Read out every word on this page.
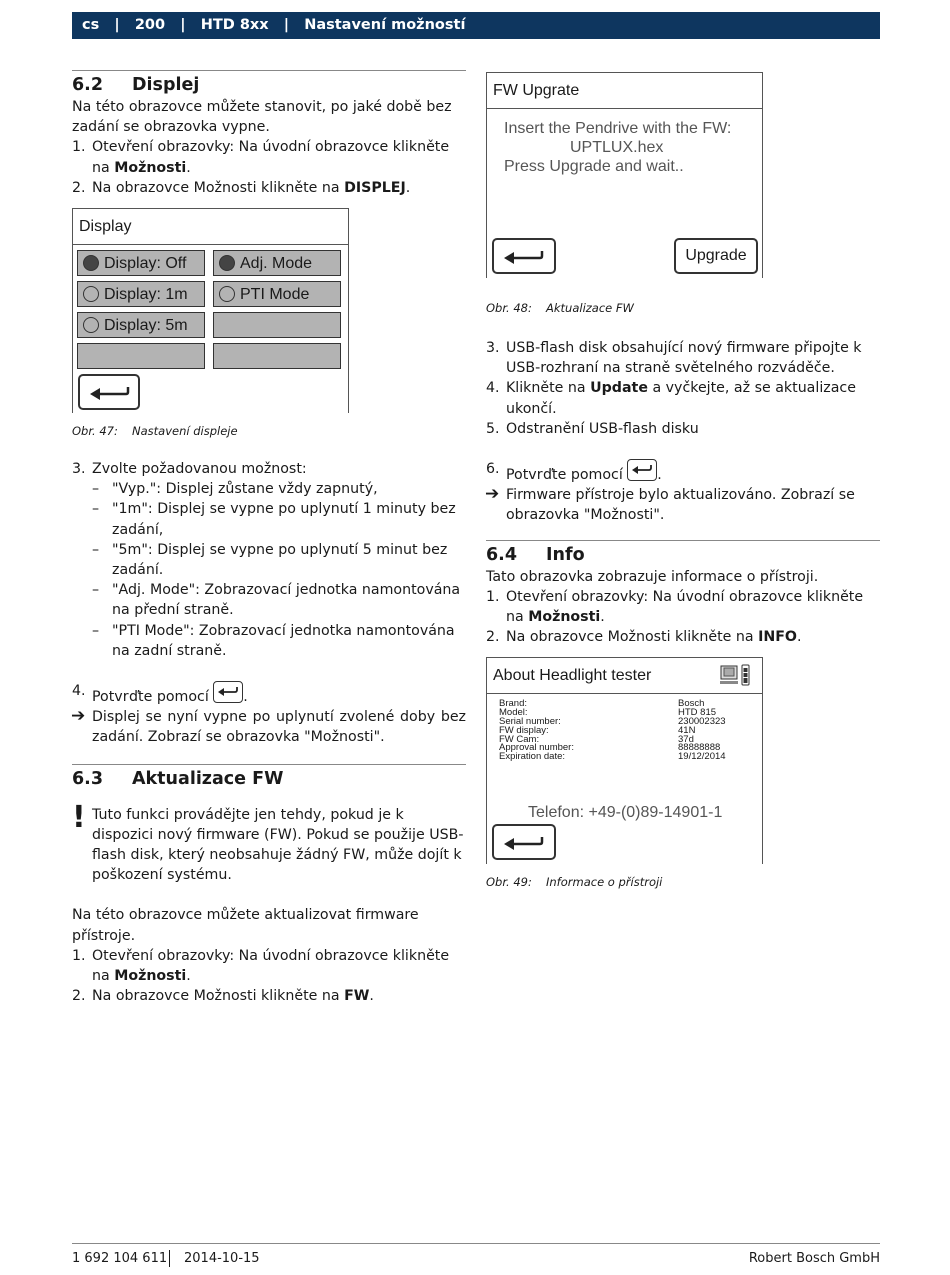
cs   |   200   |   HTD 8xx   |   Nastavení možností
6.2 Displej

Na této obrazovce můžete stanovit, po jaké době bez zadání se obrazovka vypne.

1. Otevření obrazovky: Na úvodní obrazovce klikněte na Možnosti.
2. Na obrazovce Možnosti klikněte na DISPLEJ.
Display
Display: Off
Display: 1m
Display: 5m
Adj. Mode
PTI Mode
Obr. 47: Nastavení displeje
3. Zvolte požadovanou možnost:
– "Vyp.": Displej zůstane vždy zapnutý,
– "1m": Displej se vypne po uplynutí 1 minuty bez zadání,
– "5m": Displej se vypne po uplynutí 5 minut bez zadání.
– "Adj. Mode": Zobrazovací jednotka namontována na přední straně.
– "PTI Mode": Zobrazovací jednotka namontována na zadní straně.
4. Potvrďte pomocí
.
➔ Displej se nyní vypne po uplynutí zvolené doby bez zadání. Zobrazí se obrazovka "Možnosti".
6.3 Aktualizace FW
! Tuto funkci provádějte jen tehdy, pokud je k dispozici nový firmware (FW). Pokud se použije USB-flash disk, který neobsahuje žádný FW, může dojít k poškození systému.

Na této obrazovce můžete aktualizovat firmware přístroje.

1. Otevření obrazovky: Na úvodní obrazovce klikněte na Možnosti.
2. Na obrazovce Možnosti klikněte na FW.
FW Upgrate
Insert the Pendrive with the FW:
UPTLUX.hex
Press Upgrade and wait..
Upgrade
Obr. 48: Aktualizace FW
3. USB-flash disk obsahující nový firmware připojte k USB-rozhraní na straně světelného rozváděče.
4. Klikněte na Update a vyčkejte, až se aktualizace ukončí.
5. Odstranění USB-flash disku
6. Potvrďte pomocí
.
➔ Firmware přístroje bylo aktualizováno. Zobrazí se obrazovka "Možnosti".
6.4 Info

Tato obrazovka zobrazuje informace o přístroji.

1. Otevření obrazovky: Na úvodní obrazovce klikněte na Možnosti.
2. Na obrazovce Možnosti klikněte na INFO.
About Headlight tester
Brand:	Bosch
Model:	HTD 815
Serial number:	230002323
FW display:	41N
FW Cam:	37d
Approval number:	88888888
Expiration date:	19/12/2014
Telefon: +49-(0)89-14901-1
Obr. 49: Informace o přístroji
1 692 104 611 2014-10-15	Robert Bosch GmbH
